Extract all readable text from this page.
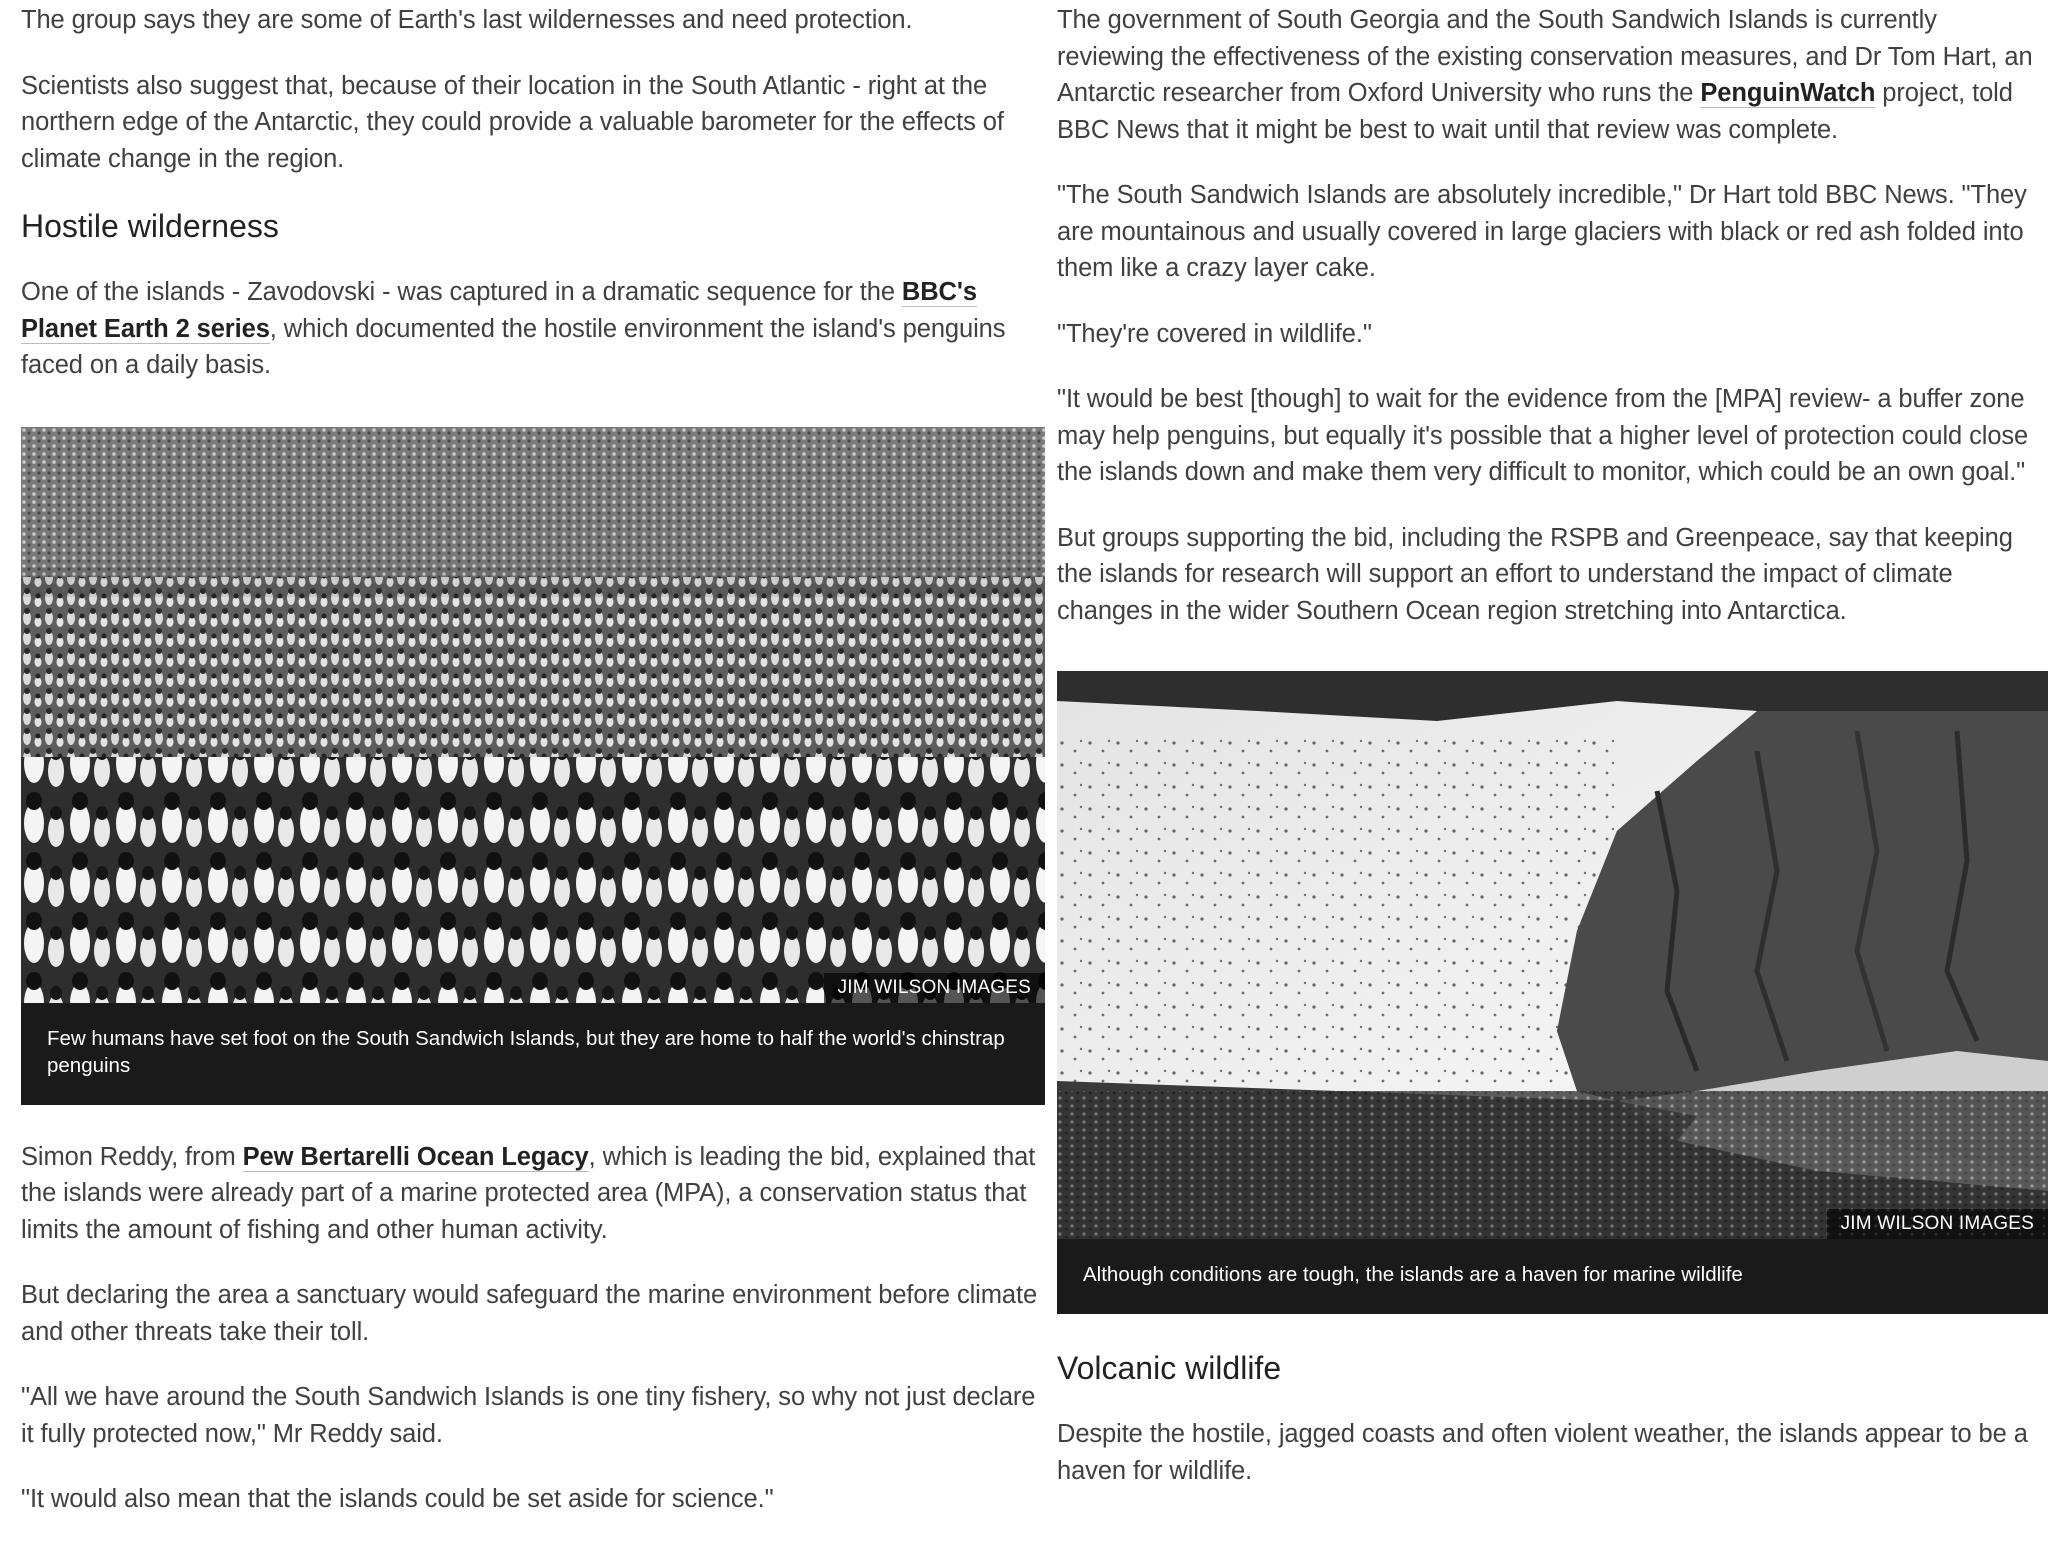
The group says they are some of Earth's last wildernesses and need protection.

Scientists also suggest that, because of their location in the South Atlantic - right at the northern edge of the Antarctic, they could provide a valuable barometer for the effects of climate change in the region.

Hostile wilderness

One of the islands - Zavodovski - was captured in a dramatic sequence for the BBC's Planet Earth 2 series, which documented the hostile environment the island's penguins faced on a daily basis.

JIM WILSON IMAGES
Few humans have set foot on the South Sandwich Islands, but they are home to half the world's chinstrap penguins

Simon Reddy, from Pew Bertarelli Ocean Legacy, which is leading the bid, explained that the islands were already part of a marine protected area (MPA), a conservation status that limits the amount of fishing and other human activity.

But declaring the area a sanctuary would safeguard the marine environment before climate and other threats take their toll.

"All we have around the South Sandwich Islands is one tiny fishery, so why not just declare it fully protected now," Mr Reddy said.

"It would also mean that the islands could be set aside for science."

The government of South Georgia and the South Sandwich Islands is currently reviewing the effectiveness of the existing conservation measures, and Dr Tom Hart, an Antarctic researcher from Oxford University who runs the PenguinWatch project, told BBC News that it might be best to wait until that review was complete.

"The South Sandwich Islands are absolutely incredible," Dr Hart told BBC News. "They are mountainous and usually covered in large glaciers with black or red ash folded into them like a crazy layer cake.

"They're covered in wildlife."

"It would be best [though] to wait for the evidence from the [MPA] review- a buffer zone may help penguins, but equally it's possible that a higher level of protection could close the islands down and make them very difficult to monitor, which could be an own goal."

But groups supporting the bid, including the RSPB and Greenpeace, say that keeping the islands for research will support an effort to understand the impact of climate changes in the wider Southern Ocean region stretching into Antarctica.

JIM WILSON IMAGES
Although conditions are tough, the islands are a haven for marine wildlife
Volcanic wildlife

Despite the hostile, jagged coasts and often violent weather, the islands appear to be a haven for wildlife.
